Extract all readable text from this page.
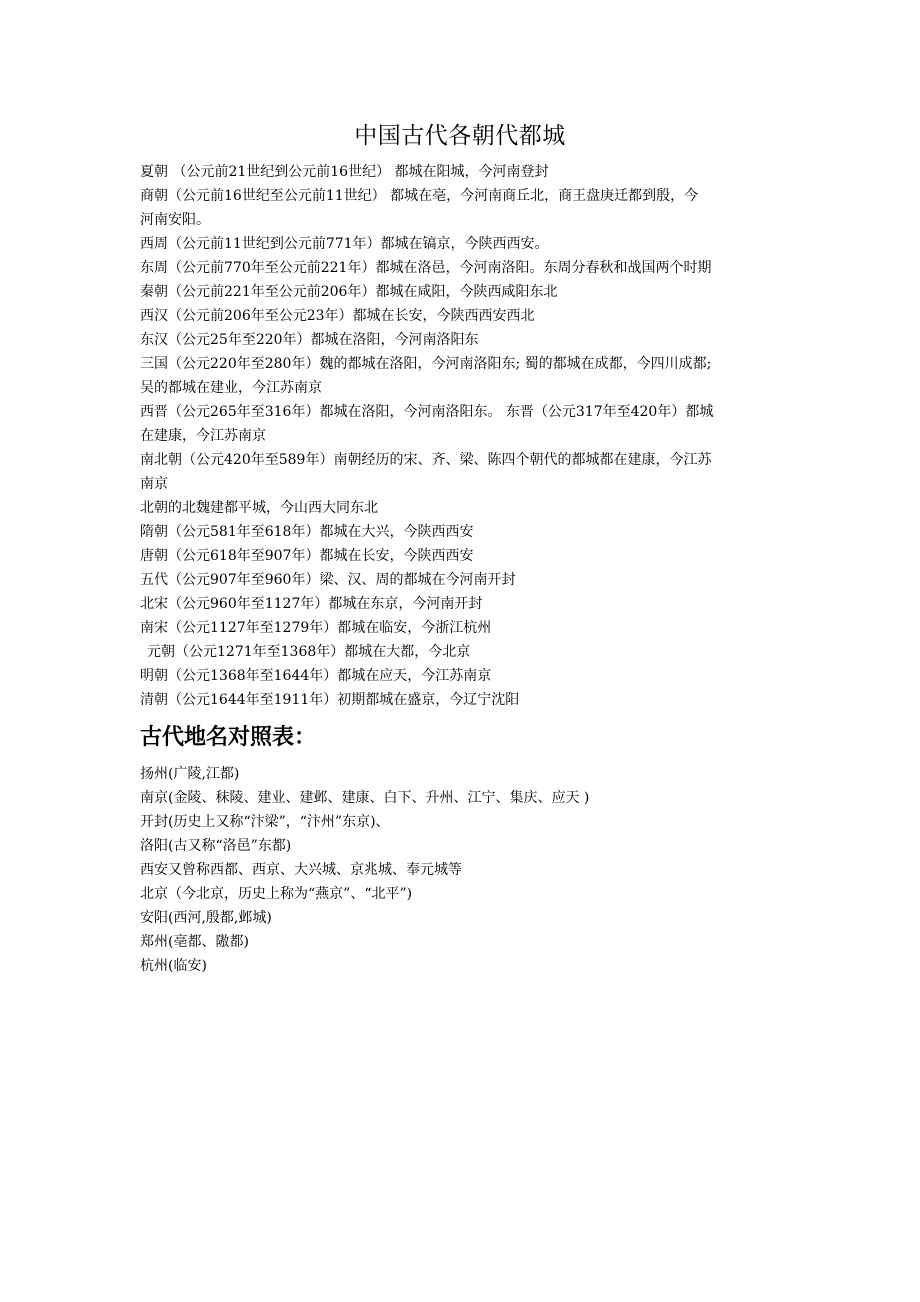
中国古代各朝代都城
夏朝 （公元前21世纪到公元前16世纪） 都城在阳城，今河南登封
商朝（公元前16世纪至公元前11世纪） 都城在亳，今河南商丘北，商王盘庚迁都到殷，今
河南安阳。
西周（公元前11世纪到公元前771年）都城在镐京，今陕西西安。
东周（公元前770年至公元前221年）都城在洛邑，今河南洛阳。东周分春秋和战国两个时期
秦朝（公元前221年至公元前206年）都城在咸阳，今陕西咸阳东北
西汉（公元前206年至公元23年）都城在长安，今陕西西安西北
东汉（公元25年至220年）都城在洛阳，今河南洛阳东
三国（公元220年至280年）魏的都城在洛阳，今河南洛阳东; 蜀的都城在成都，今四川成都;
吴的都城在建业，今江苏南京
西晋（公元265年至316年）都城在洛阳，今河南洛阳东。 东晋（公元317年至420年）都城
在建康，今江苏南京
南北朝（公元420年至589年）南朝经历的宋、齐、梁、陈四个朝代的都城都在建康，今江苏
南京
北朝的北魏建都平城，今山西大同东北
隋朝（公元581年至618年）都城在大兴，今陕西西安
唐朝（公元618年至907年）都城在长安，今陕西西安
五代（公元907年至960年）梁、汉、周的都城在今河南开封
北宋（公元960年至1127年）都城在东京，今河南开封
南宋（公元1127年至1279年）都城在临安，今浙江杭州
元朝（公元1271年至1368年）都城在大都，今北京
明朝（公元1368年至1644年）都城在应天，今江苏南京
清朝（公元1644年至1911年）初期都城在盛京，今辽宁沈阳
古代地名对照表：
扬州(广陵,江都)
南京(金陵、秣陵、建业、建邺、建康、白下、升州、江宁、集庆、应天 )
开封(历史上又称“汴梁”，“汴州”东京)、
洛阳(古又称“洛邑”东都)
西安又曾称西都、西京、大兴城、京兆城、奉元城等
北京（今北京，历史上称为“燕京”、“北平”)
安阳(西河,殷都,邺城)
郑州(亳都、隞都)
杭州(临安)
